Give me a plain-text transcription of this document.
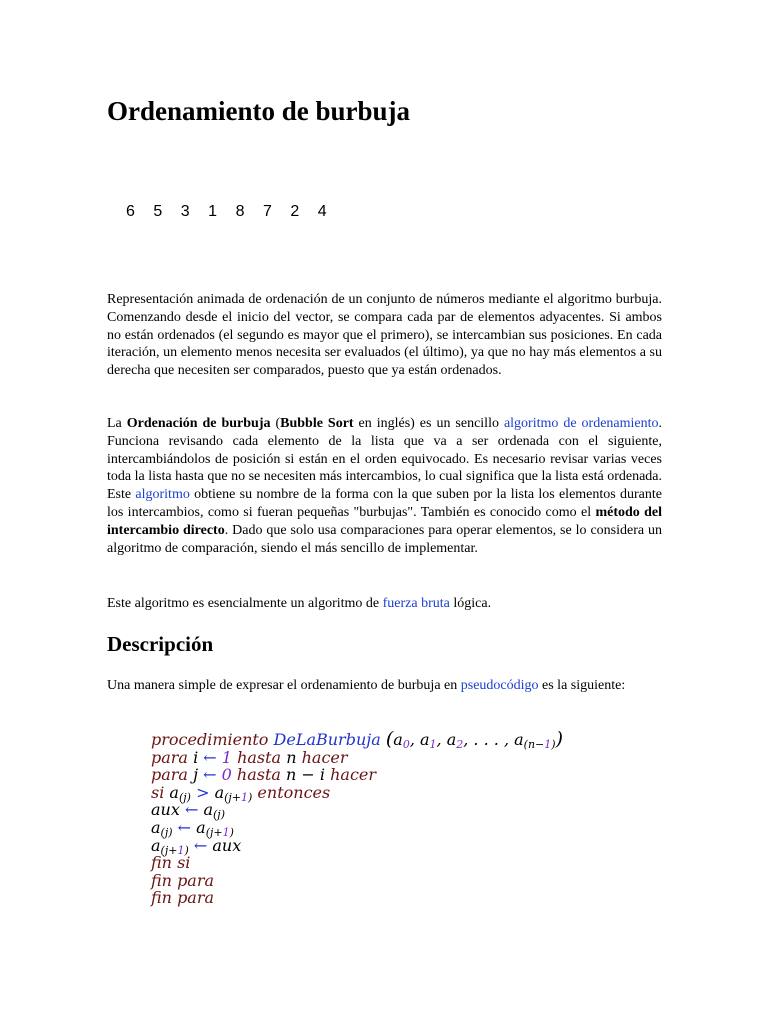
Ordenamiento de burbuja
6	5	3	1	8	7	2	4

Representación animada de ordenación de un conjunto de números mediante el algoritmo burbuja. Comenzando desde el inicio del vector, se compara cada par de elementos adyacentes. Si ambos no están ordenados (el segundo es mayor que el primero), se intercambian sus posiciones. En cada iteración, un elemento menos necesita ser evaluados (el último), ya que no hay más elementos a su derecha que necesiten ser comparados, puesto que ya están ordenados.

La Ordenación de burbuja (Bubble Sort en inglés) es un sencillo algoritmo de ordenamiento. Funciona revisando cada elemento de la lista que va a ser ordenada con el siguiente, intercambiándolos de posición si están en el orden equivocado. Es necesario revisar varias veces toda la lista hasta que no se necesiten más intercambios, lo cual significa que la lista está ordenada. Este algoritmo obtiene su nombre de la forma con la que suben por la lista los elementos durante los intercambios, como si fueran pequeñas "burbujas". También es conocido como el método del intercambio directo. Dado que solo usa comparaciones para operar elementos, se lo considera un algoritmo de comparación, siendo el más sencillo de implementar.

Este algoritmo es esencialmente un algoritmo de fuerza bruta lógica.

Descripción

Una manera simple de expresar el ordenamiento de burbuja en pseudocódigo es la siguiente:

procedimiento DeLaBurbuja ($a_0$, $a_1$, $a_2$, . . . , $a_{(n-1)}$)
para i ← 1 hasta n hacer
para j ← 0 hasta n − i hacer
si $a_{(j)} > a_{(j+1)}$ entonces
aux ← $a_{(j)}$
$a_{(j)}$ ← $a_{(j+1)}$
$a_{(j+1)}$ ← aux
fin si
fin para
fin para
